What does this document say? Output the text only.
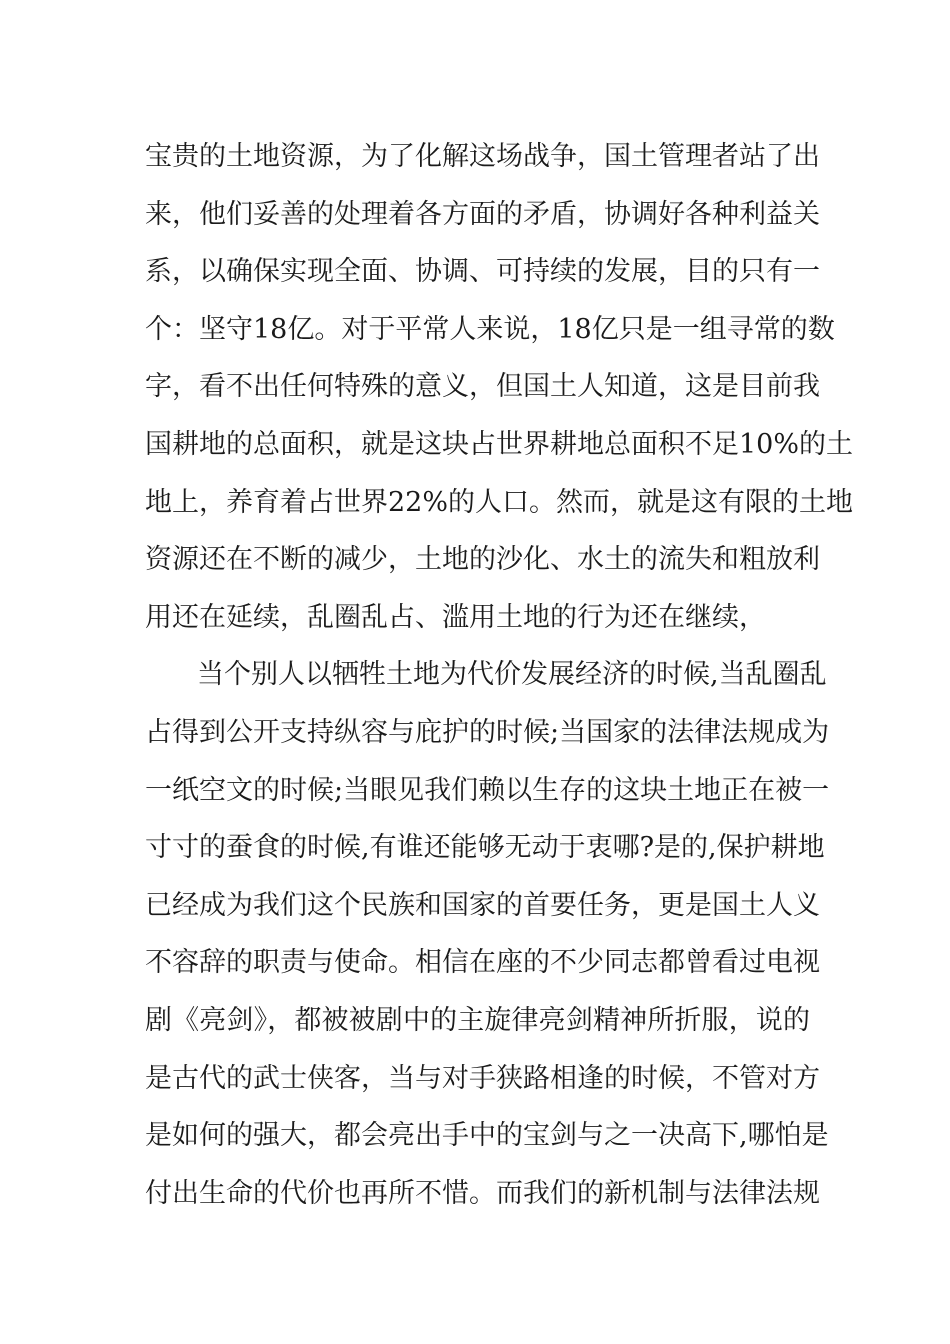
宝贵的土地资源，为了化解这场战争，国土管理者站了出
来，他们妥善的处理着各方面的矛盾，协调好各种利益关
系，以确保实现全面、协调、可持续的发展，目的只有一
个：坚守18亿。对于平常人来说，18亿只是一组寻常的数
字，看不出任何特殊的意义，但国土人知道，这是目前我
国耕地的总面积，就是这块占世界耕地总面积不足10%的土
地上，养育着占世界22%的人口。然而，就是这有限的土地
资源还在不断的减少，土地的沙化、水土的流失和粗放利
用还在延续，乱圈乱占、滥用土地的行为还在继续，
当个别人以牺牲土地为代价发展经济的时候,当乱圈乱
占得到公开支持纵容与庇护的时候;当国家的法律法规成为
一纸空文的时候;当眼见我们赖以生存的这块土地正在被一
寸寸的蚕食的时候,有谁还能够无动于衷哪?是的,保护耕地
已经成为我们这个民族和国家的首要任务，更是国土人义
不容辞的职责与使命。相信在座的不少同志都曾看过电视
剧《亮剑》，都被被剧中的主旋律亮剑精神所折服，说的
是古代的武士侠客，当与对手狭路相逢的时候，不管对方
是如何的强大，都会亮出手中的宝剑与之一决高下,哪怕是
付出生命的代价也再所不惜。而我们的新机制与法律法规
